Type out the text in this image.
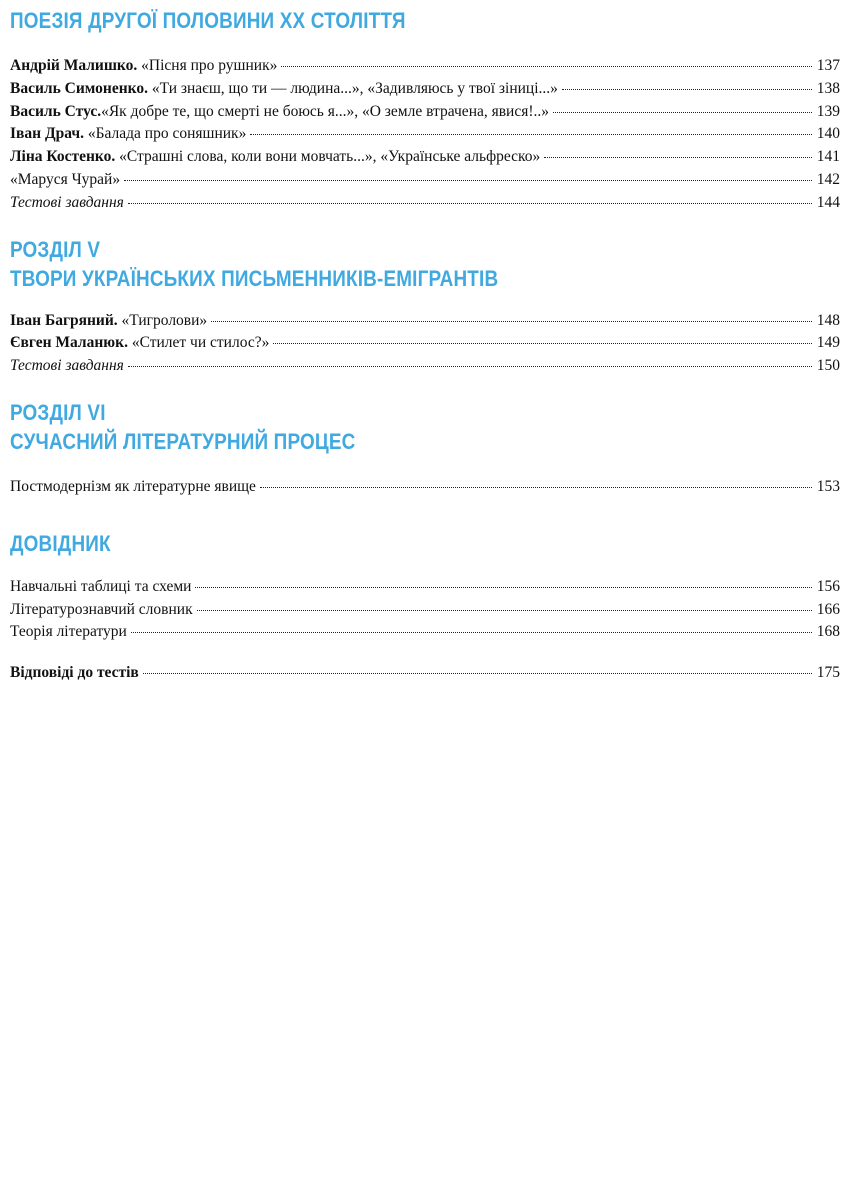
ПОЕЗІЯ ДРУГОЇ ПОЛОВИНИ XX СТОЛІТТЯ
Андрій Малишко. «Пісня про рушник»	137
Василь Симоненко. «Ти знаєш, що ти — людина...», «Задивляюсь у твої зіниці...»	138
Василь Стус.«Як добре те, що смерті не боюсь я...», «О земле втрачена, явися!..»	139
Іван Драч. «Балада про соняшник»	140
Ліна Костенко. «Страшні слова, коли вони мовчать...», «Українське альфреско»	141
«Маруся Чурай»	142
Тестові завдання	144
РОЗДІЛ V
ТВОРИ УКРАЇНСЬКИХ ПИСЬМЕННИКІВ-ЕМІГРАНТІВ
Іван Багряний. «Тигролови»	148
Євген Маланюк. «Стилет чи стилос?»	149
Тестові завдання	150
РОЗДІЛ VI
СУЧАСНИЙ ЛІТЕРАТУРНИЙ ПРОЦЕС
Постмодернізм як літературне явище	153
ДОВІДНИК
Навчальні таблиці та схеми	156
Літературознавчий словник	166
Теорія літератури	168
Відповіді до тестів	175
